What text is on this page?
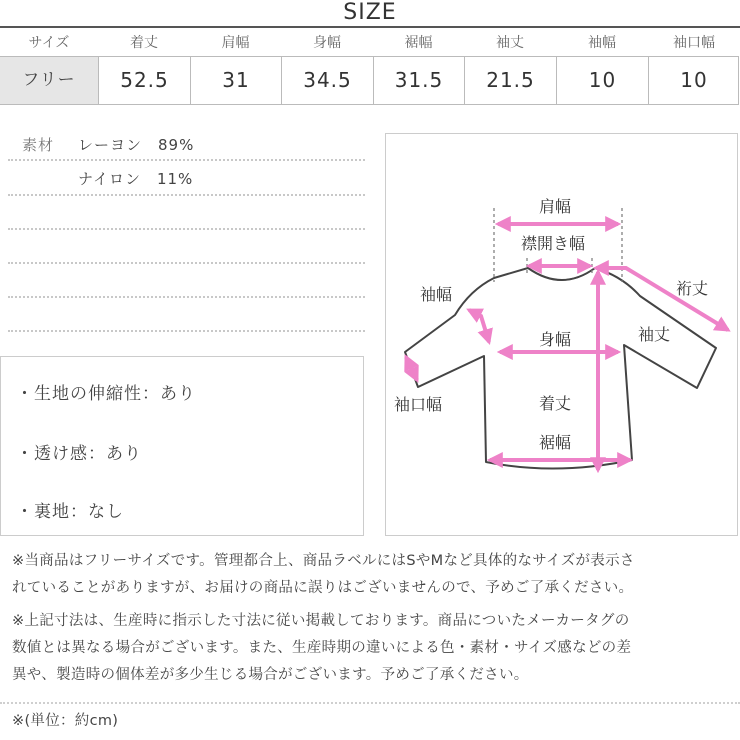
SIZE
サイズ	着丈	肩幅	身幅	裾幅	袖丈	袖幅	袖口幅
フリー	52.5	31	34.5	31.5	21.5	10	10
素材 レーヨン　89%
ナイロン　11%
・生地の伸縮性：あり
・透け感：あり
・裏地：なし
肩幅
襟開き幅
裄丈
袖幅
袖丈
身幅
袖口幅	着丈
裾幅
※当商品はフリーサイズです。管理都合上、商品ラベルにはSやMなど具体的なサイズが表示さ
れていることがありますが、お届けの商品に誤りはございませんので、予めご了承ください。
※上記寸法は、生産時に指示した寸法に従い掲載しております。商品についたメーカータグの
数値とは異なる場合がございます。また、生産時期の違いによる色・素材・サイズ感などの差
異や、製造時の個体差が多少生じる場合がございます。予めご了承ください。
※(単位：約cm)
